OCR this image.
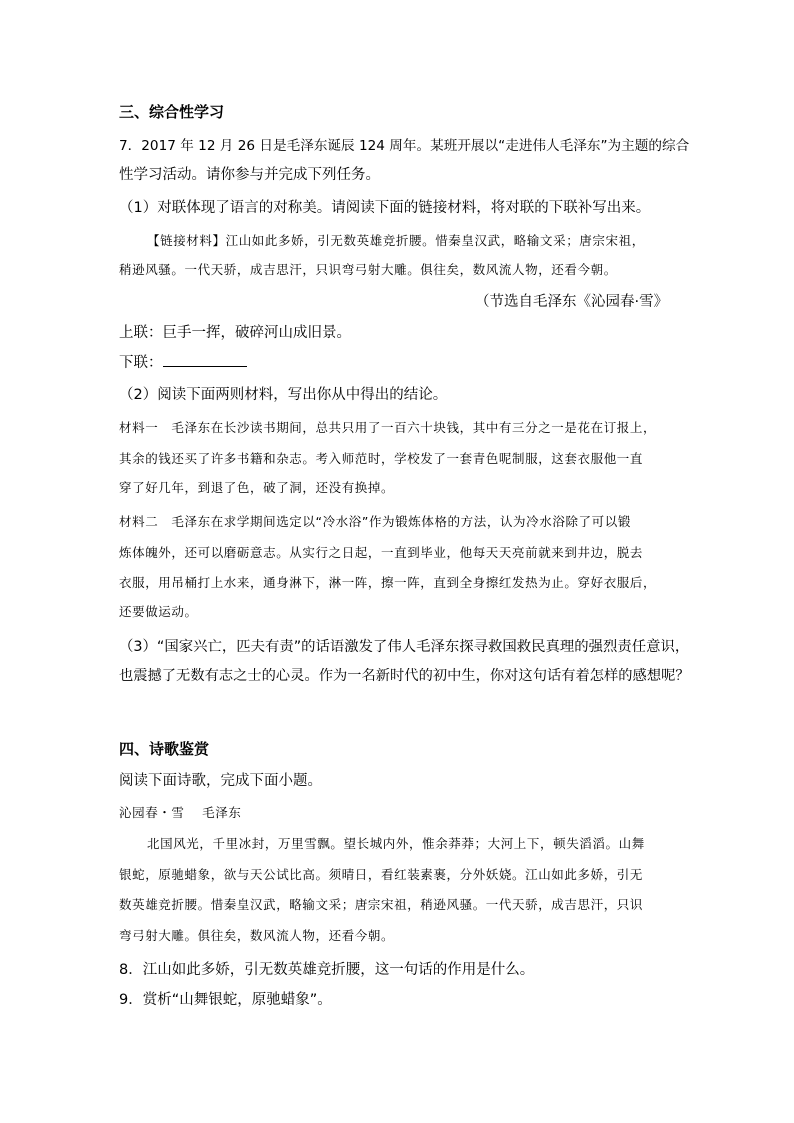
三、综合性学习
7．2017 年 12 月 26 日是毛泽东诞辰 124 周年。某班开展以“走进伟人毛泽东”为主题的综合
性学习活动。请你参与并完成下列任务。
（1）对联体现了语言的对称美。请阅读下面的链接材料，将对联的下联补写出来。
【链接材料】江山如此多娇，引无数英雄竞折腰。惜秦皇汉武，略输文采；唐宗宋祖，
稍逊风骚。一代天骄，成吉思汗，只识弯弓射大雕。俱往矣，数风流人物，还看今朝。
（节选自毛泽东《沁园春·雪》
上联：巨手一挥，破碎河山成旧景。
下联：
（2）阅读下面两则材料，写出你从中得出的结论。
材料一　毛泽东在长沙读书期间，总共只用了一百六十块钱，其中有三分之一是花在订报上，
其余的钱还买了许多书籍和杂志。考入师范时，学校发了一套青色呢制服，这套衣服他一直
穿了好几年，到退了色，破了洞，还没有换掉。
材料二　毛泽东在求学期间选定以“冷水浴”作为锻炼体格的方法，认为冷水浴除了可以锻
炼体魄外，还可以磨砺意志。从实行之日起，一直到毕业，他每天天亮前就来到井边，脱去
衣服，用吊桶打上水来，通身淋下，淋一阵，擦一阵，直到全身擦红发热为止。穿好衣服后，
还要做运动。
（3）“国家兴亡，匹夫有责”的话语激发了伟人毛泽东探寻救国救民真理的强烈责任意识，
也震撼了无数有志之士的心灵。作为一名新时代的初中生，你对这句话有着怎样的感想呢？
四、诗歌鉴赏
阅读下面诗歌，完成下面小题。
沁园春・雪　 毛泽东
北国风光，千里冰封，万里雪飘。望长城内外，惟余莽莽；大河上下，顿失滔滔。山舞
银蛇，原驰蜡象，欲与天公试比高。须晴日，看红装素裹，分外妖娆。江山如此多娇，引无
数英雄竞折腰。惜秦皇汉武，略输文采；唐宗宋祖，稍逊风骚。一代天骄，成吉思汗，只识
弯弓射大雕。俱往矣，数风流人物，还看今朝。
8．江山如此多娇，引无数英雄竞折腰，这一句话的作用是什么。
9．赏析“山舞银蛇，原驰蜡象”。
